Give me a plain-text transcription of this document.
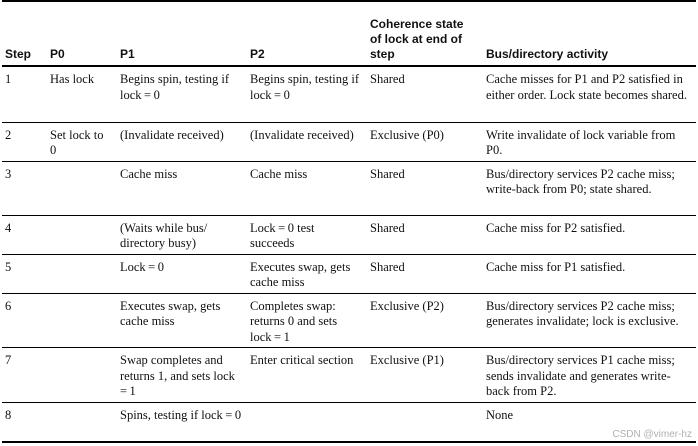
Step	P0	P1	P2	Coherence state of lock at end of step	Bus/directory activity
1	Has lock	Begins spin, testing if lock = 0	Begins spin, testing if lock = 0	Shared	Cache misses for P1 and P2 satisfied in either order. Lock state becomes shared.
2	Set lock to 0	(Invalidate received)	(Invalidate received)	Exclusive (P0)	Write invalidate of lock variable from P0.
3		Cache miss	Cache miss	Shared	Bus/directory services P2 cache miss; write-back from P0; state shared.
4		(Waits while bus/ directory busy)	Lock = 0 test succeeds	Shared	Cache miss for P2 satisfied.
5		Lock = 0	Executes swap, gets cache miss	Shared	Cache miss for P1 satisfied.
6		Executes swap, gets cache miss	Completes swap: returns 0 and sets lock = 1	Exclusive (P2)	Bus/directory services P2 cache miss; generates invalidate; lock is exclusive.
7		Swap completes and returns 1, and sets lock = 1	Enter critical section	Exclusive (P1)	Bus/directory services P1 cache miss; sends invalidate and generates write-back from P2.
8		Spins, testing if lock = 0			None
CSDN @vimer-hz
